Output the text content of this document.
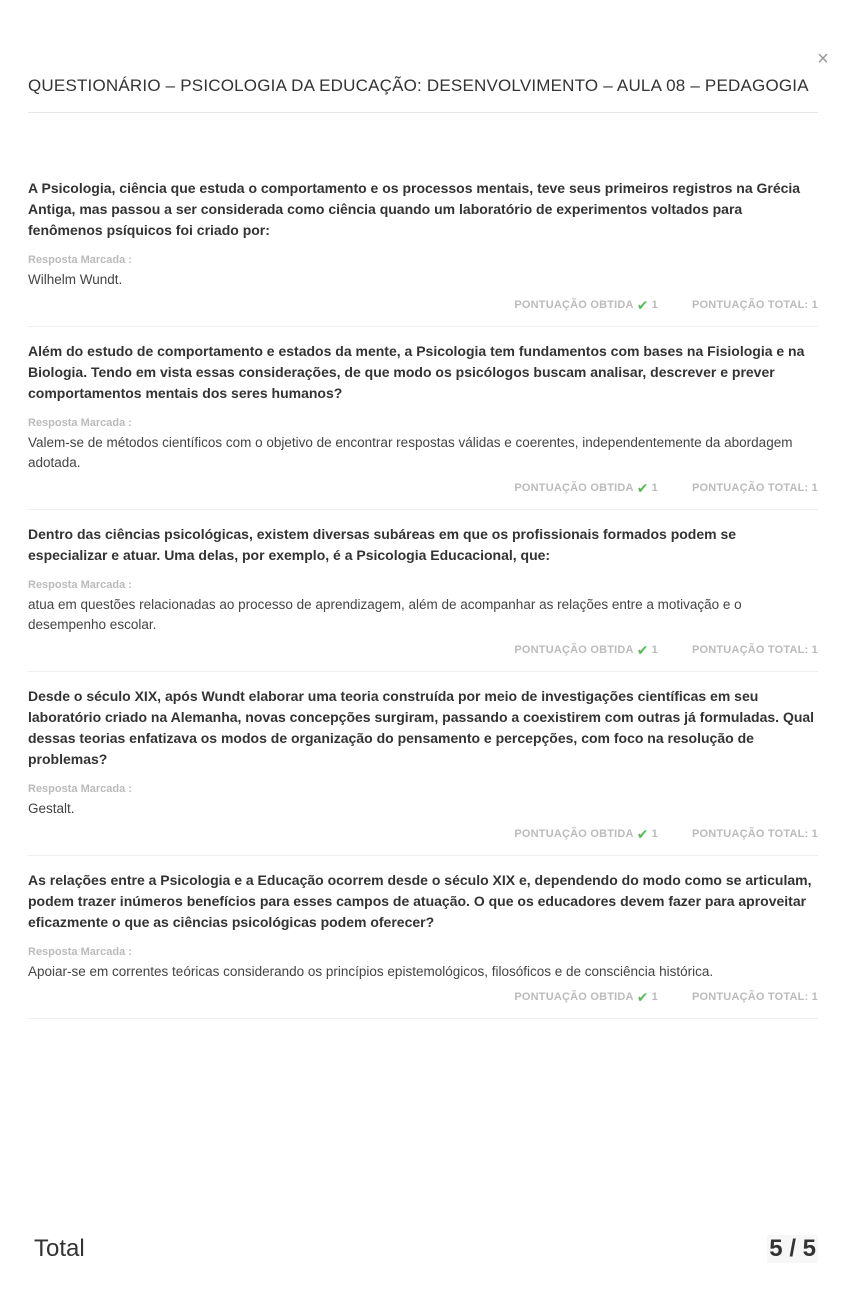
×
QUESTIONÁRIO – PSICOLOGIA DA EDUCAÇÃO: DESENVOLVIMENTO – AULA 08 – PEDAGOGIA

A Psicologia, ciência que estuda o comportamento e os processos mentais, teve seus primeiros registros na Grécia Antiga, mas passou a ser considerada como ciência quando um laboratório de experimentos voltados para fenômenos psíquicos foi criado por:

Resposta Marcada :

Wilhelm Wundt.

PONTUAÇÃO OBTIDA ✔ 1	PONTUAÇÃO TOTAL: 1

Além do estudo de comportamento e estados da mente, a Psicologia tem fundamentos com bases na Fisiologia e na Biologia. Tendo em vista essas considerações, de que modo os psicólogos buscam analisar, descrever e prever comportamentos mentais dos seres humanos?

Resposta Marcada :

Valem-se de métodos científicos com o objetivo de encontrar respostas válidas e coerentes, independentemente da abordagem adotada.

PONTUAÇÃO OBTIDA ✔ 1	PONTUAÇÃO TOTAL: 1

Dentro das ciências psicológicas, existem diversas subáreas em que os profissionais formados podem se especializar e atuar. Uma delas, por exemplo, é a Psicologia Educacional, que:

Resposta Marcada :

atua em questões relacionadas ao processo de aprendizagem, além de acompanhar as relações entre a motivação e o desempenho escolar.

PONTUAÇÃO OBTIDA ✔ 1	PONTUAÇÃO TOTAL: 1

Desde o século XIX, após Wundt elaborar uma teoria construída por meio de investigações científicas em seu laboratório criado na Alemanha, novas concepções surgiram, passando a coexistirem com outras já formuladas. Qual dessas teorias enfatizava os modos de organização do pensamento e percepções, com foco na resolução de problemas?

Resposta Marcada :

Gestalt.

PONTUAÇÃO OBTIDA ✔ 1	PONTUAÇÃO TOTAL: 1

As relações entre a Psicologia e a Educação ocorrem desde o século XIX e, dependendo do modo como se articulam, podem trazer inúmeros benefícios para esses campos de atuação. O que os educadores devem fazer para aproveitar eficazmente o que as ciências psicológicas podem oferecer?

Resposta Marcada :

Apoiar-se em correntes teóricas considerando os princípios epistemológicos, filosóficos e de consciência histórica.

PONTUAÇÃO OBTIDA ✔ 1	PONTUAÇÃO TOTAL: 1
Total	5 / 5
